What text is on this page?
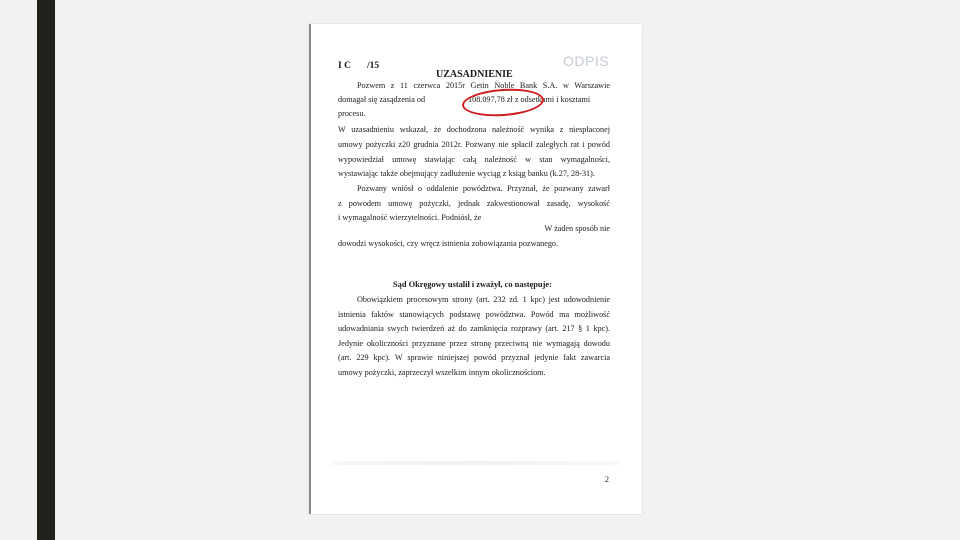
I C /15	ODPIS
UZASADNIENIE
Pozwem z 11 czerwca 2015r Getin Noble Bank S.A. w Warszawie
domagał się zasądzenia od	108.097,78 zł z odsetkami i kosztami
procesu.
W uzasadnieniu wskazał, że dochodzona należność wynika z niespłaconej
umowy pożyczki z20 grudnia 2012r. Pozwany nie spłacił zaległych rat i powód
wypowiedział umowę stawiając całą należność w stan wymagalności,
wystawiając także obejmujący zadłużenie wyciąg z ksiąg banku (k.27, 28-31).
Pozwany wniósł o oddalenie powództwa. Przyznał, że pozwany zawarł
z powodem umowę pożyczki, jednak zakwestionował zasadę, wysokość
i wymagalność wierzytelności. Podniósł, że
W żaden sposób nie
dowodzi wysokości, czy wręcz istnienia zobowiązania pozwanego.
Sąd Okręgowy ustalił i zważył, co następuje:
Obowiązkiem procesowym strony (art. 232 zd. 1 kpc) jest udowodnienie
istnienia faktów stanowiących podstawę powództwa. Powód ma możliwość
udowadniania swych twierdzeń aż do zamknięcia rozprawy (art. 217 § 1 kpc).
Jedynie okoliczności przyznane przez stronę przeciwną nie wymagają dowodu
(art. 229 kpc). W sprawie niniejszej powód przyznał jedynie fakt zawarcia
umowy pożyczki, zaprzeczył wszelkim innym okolicznościom.
2
